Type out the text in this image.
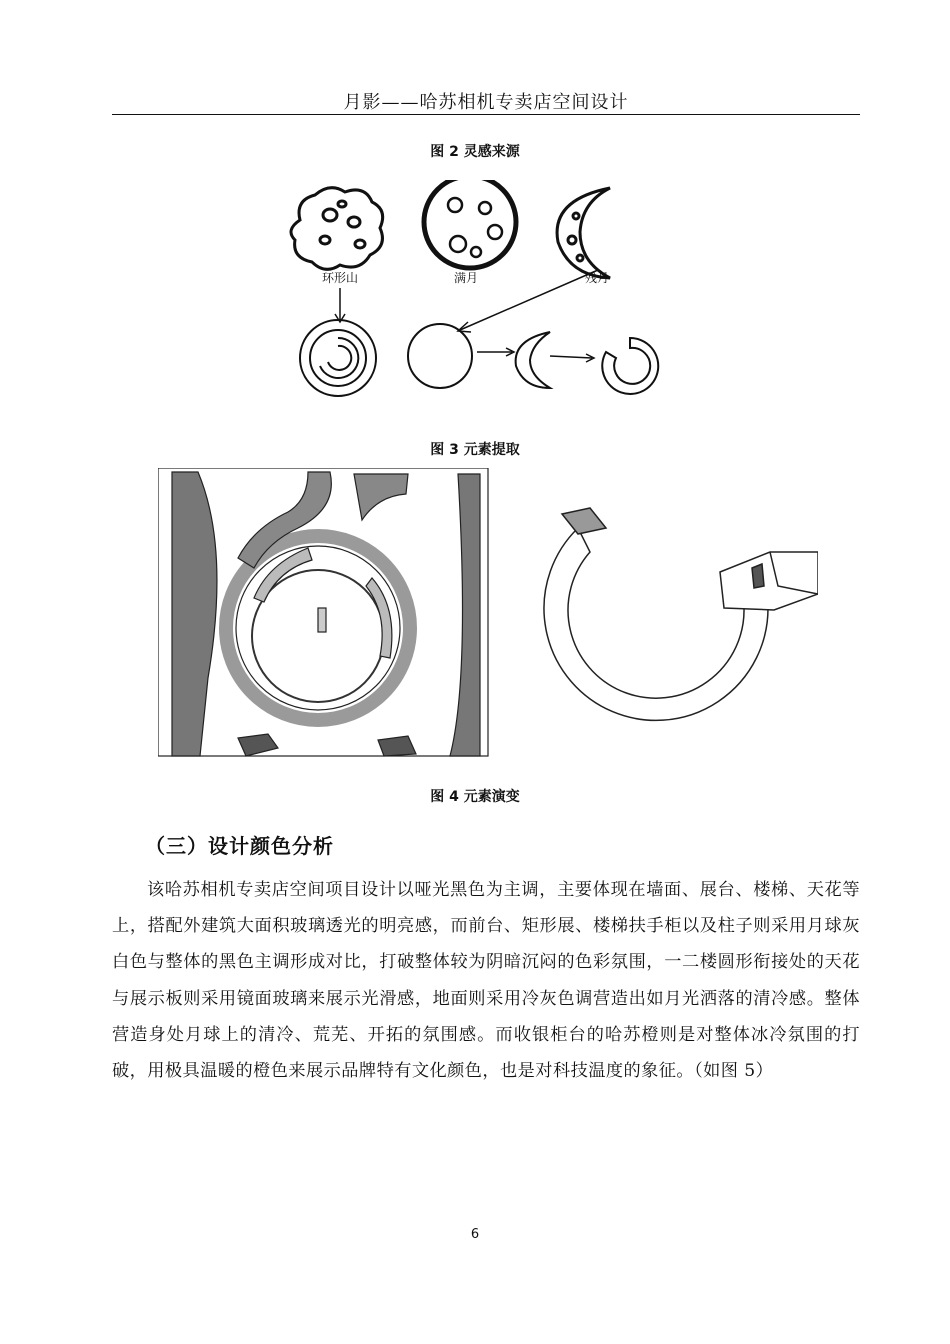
月影——哈苏相机专卖店空间设计
图 2 灵感来源
环形山	满月	残月
图 3 元素提取
图 4 元素演变
（三）设计颜色分析
该哈苏相机专卖店空间项目设计以哑光黑色为主调，主要体现在墙面、展台、楼梯、天花等上，搭配外建筑大面积玻璃透光的明亮感，而前台、矩形展、楼梯扶手柜以及柱子则采用月球灰白色与整体的黑色主调形成对比，打破整体较为阴暗沉闷的色彩氛围，一二楼圆形衔接处的天花与展示板则采用镜面玻璃来展示光滑感，地面则采用冷灰色调营造出如月光洒落的清冷感。整体营造身处月球上的清冷、荒芜、开拓的氛围感。而收银柜台的哈苏橙则是对整体冰冷氛围的打破，用极具温暖的橙色来展示品牌特有文化颜色，也是对科技温度的象征。（如图 5）
6
